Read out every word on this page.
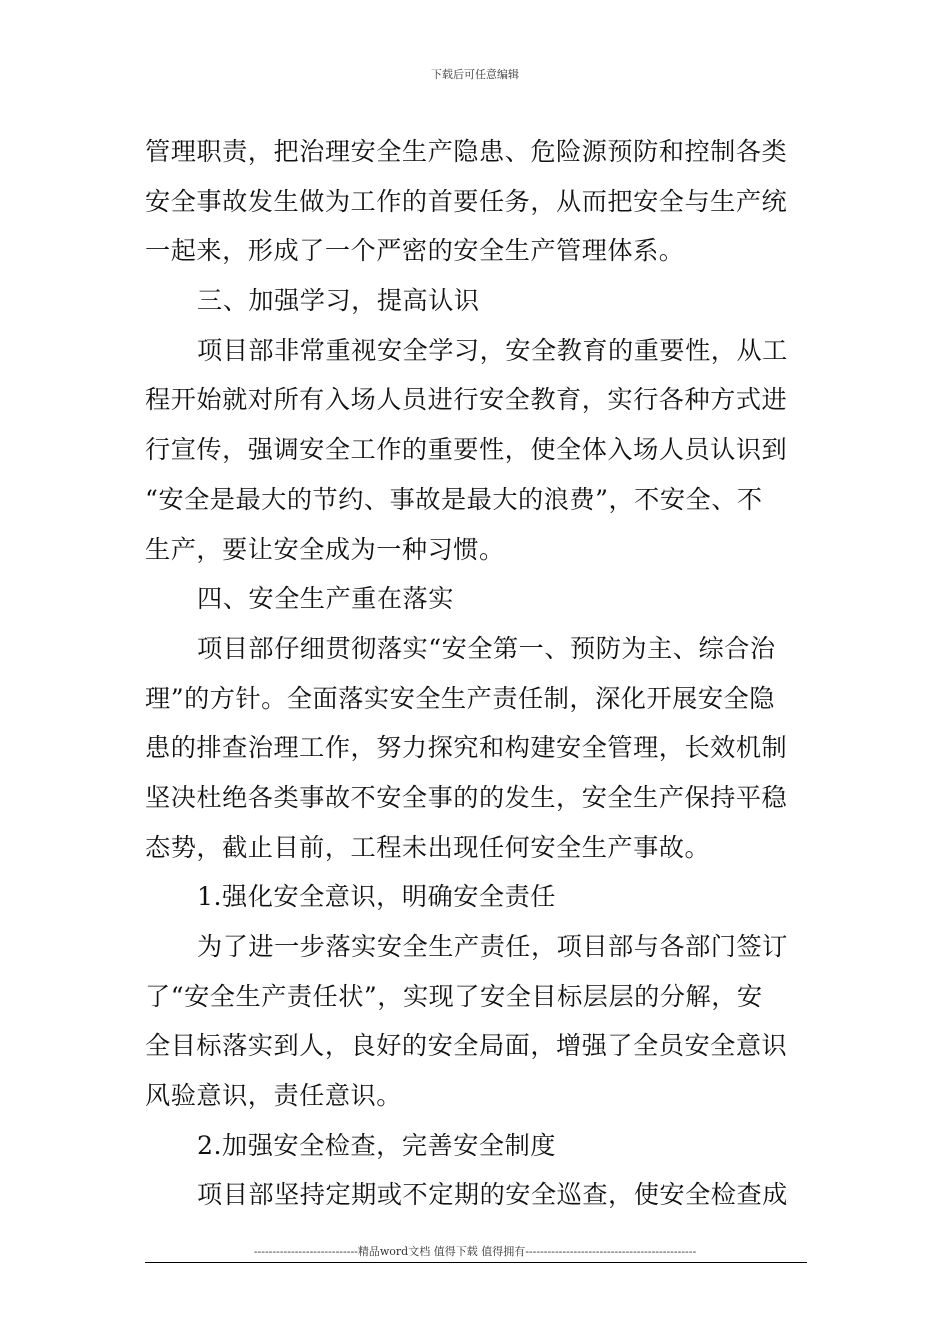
下载后可任意编辑
管理职责，把治理安全生产隐患、危险源预防和控制各类
安全事故发生做为工作的首要任务，从而把安全与生产统
一起来，形成了一个严密的安全生产管理体系。
三、加强学习，提高认识
项目部非常重视安全学习，安全教育的重要性，从工
程开始就对所有入场人员进行安全教育，实行各种方式进
行宣传，强调安全工作的重要性，使全体入场人员认识到
“安全是最大的节约、事故是最大的浪费”，不安全、不
生产，要让安全成为一种习惯。
四、安全生产重在落实
项目部仔细贯彻落实“安全第一、预防为主、综合治
理”的方针。全面落实安全生产责任制，深化开展安全隐
患的排查治理工作，努力探究和构建安全管理，长效机制
坚决杜绝各类事故不安全事的的发生，安全生产保持平稳
态势，截止目前，工程未出现任何安全生产事故。
1.强化安全意识，明确安全责任
为了进一步落实安全生产责任，项目部与各部门签订
了“安全生产责任状”，实现了安全目标层层的分解，安
全目标落实到人，良好的安全局面，增强了全员安全意识
风验意识，责任意识。
2.加强安全检查，完善安全制度
项目部坚持定期或不定期的安全巡查，使安全检查成
----------------------------精品word文档 值得下载 值得拥有----------------------------------------------
